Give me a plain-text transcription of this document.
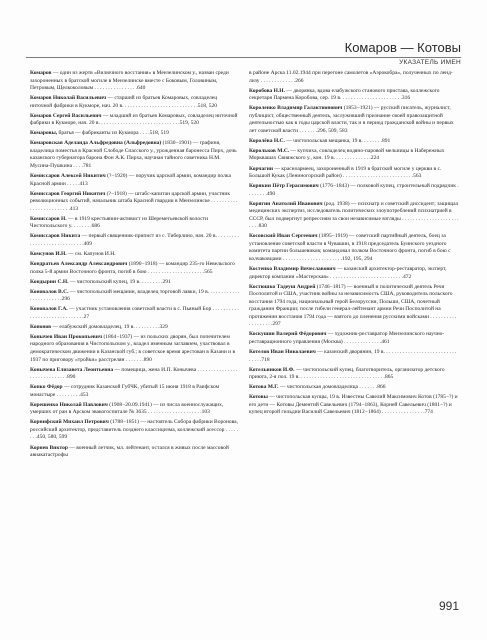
Комаров — Котовы
УКАЗАТЕЛЬ ИМЕН
Комаров — один из жертв «Вилючного восстания» в Мензелинском у., назван среди захороненных в братской могиле в Мензелинске вместе с Боковым, Головиным, Петровым, Щелкоколовым . . . . . . . . . . . . . . . .640
Комаров Николай Васильевич — старший из братьев Комаровых, совладелец ниточной фабрики в Кукморе, нач. 20 в. . . . . . . . . . . . . . . . . . . . . . . . . . . .518, 520
Комаров Сергей Васильевич — младший из братьев Комаровых, совладелец ниточной фабрики в Кукморе, нач. 20 в. . . . . . . . . . . . . . . . . . . . . . . . . . . . . .519, 520
Комаровы, братья — фабриканты из Кукмора . . . .518, 519
Комаровская Аделаида Альфредовна (Альфредовна) (1830−1901) — графиня, владелица поместья в Красной Слободе Спасского у., урожденная баронесса Пирх, дочь казанского губернатора барона Фон А.К. Пирха, научная тайного советника Н.М. Мусина-Пушкина . . . .781
Комиссаров Алексей Никитич (?−1920) — поручик царской армии, командир полка Красной армии . . . . .413
Комиссаров Георгий Никитич (?−1918) — штабс-капитан царской армии, участник революционных событий, начальник штаба Красной гвардии в Мензелинске . . . . . . . . . . . . . . . . . . . . . . . . .413
Комиссаров Н. — в 1919 крестьянин-активист из Шереметьевской волости Чистопольского у. . . . . . . .686
Комиссаров Никита — первый священник-припист из с. Тиберлино, нач. 20 в. . . . . . . . . . . . . . . . . . . . . . . . . . . . .409
Комсунов И.Н. — см. Капунов И.Н.
Кондратьев Александр Александрович (1890−1918) — командир 235-го Невельского полка 5-й армии Восточного фронта, погиб в бою . . . . . . . . . . . . . . . . . . . . .565
Кондырин С.Н. — чистопольский купец, 19 в. . . . . . . . .291
Коновалов В.С. — чистопольский мещанин, владелец торговой лавки, 19 в. . . . . . . . . . . . . . . . . . . . . . . .296
Коновалов Г.А. — участник установления советской власти в с. Пьяный Бор . . . . . . . . . . . . . . . . . . . . . . . . . . . . . .27
Кононов — елабужский домовладелец, 19 в. . . . . . . . . .329
Конычев Иван Прокопьевич (1864−1937) — из польских дворян, был попечителем народного образования в Чистопольском у., владел именным заглавием, участвовал в демократическом движении в Казанской губ.; в советское время арестован в Казани и в 1937 по приговору «тройки» расстрелян . . . . . . .890
Конычева Елизавета Леонтьевна — помещица, жена И.П. Конычева . . . . . . . . . . . . . . . . . . . . . . . . . . . . .890
Копко Фёдор — сотрудник Казанской ГубЧК, убитый 15 июня 1918 в Раифском монастыре . . . . . . . . .453
Корешенко Николай Павлович (1908−20.09.1941) — из числа военнослужащих, умерших от ран в Арском эвакогоспитале № 3635 . . . . . . . . . . . . . . . . . . . .103
Корнифский Михаил Петрович (1788−1851) — настоятель Собора фабрики Воронова, российский архитектор, представитель позднего классицизма, коллежский асессор . . . . . . . .450, 580, 599
Корнев Виктор — военный летчик, мл. лейтенант, остался в живых после массовой авиакатастрофы
в районе Арска 11.02.1944 при перегоне самолетов «Аэрокобра», полученных по ленд-лизу . . . . . . . . . . . . .266
Коробова Н.Н. — дворянка, вдова елабужского станового пристава, коллежского секретаря Пармена Коробова, сер. 19 в. . . . . . . . . . . . . . . . . . . . . . .316
Короленко Владимир Галактионович (1853−1921) — русский писатель, журналист, публицист, общественный деятель, заслуживший признание своей правозащитной деятельностью как в годы царской власти, так и в период гражданской войны и первых лет советской власти . . . . . . .296, 509, 583
Королёва Н.С. — чистопольская мещанка, 19 в. . . . . . . .891
Корольков М.С. — купчиха, совладелец водяно-паровой мельницы в Набережных Морквашах Свияжского у., кон. 19 в. . . . . . . . . . . . . .224
Корчагин — красноармеец, захороненный в 1919 в братской могиле у церкви в с. Большой Кукак (Лениногорский район) . . . . . . . . . . . . . . . . . . . . . . . . . .563
Корякин Пётр Герасимович (1776−1843) — полковой купец, строительный подрядчик . . . . . . . .490
Корягин Анатолий Иванович (род. 1938) — психиатр и советский диссидент; защищал медицинских экспертиз, исследователь политических злоупотреблений психиатрией в СССР, был подвергнут репрессиям за свои независимые взгляды . . . . . . . . . . . . . . . . . . . . . . . . .830
Косовский Иван Сергеевич (1895−1919) — советский партийный деятель, боец за установление советской власти в Чувашии, в 1918 председатель Буинского уездного комитета партии большевиков; командовал полком Восточного фронта, погиб в бою с колчаковцами . . . . . . . . . . . . . . . . . . . . . .192, 195, 294
Костенко Владимир Вячеславович — казанский архитектор-реставратор, эксперт, директор компании «Мастерская» . . . . . . . . . . . . . . . . . . . . . . . . . . .472
Костюшко Тадеуш Андрей (1746−1817) — военный и политический деятель Речи Посполитой и США, участник войны за независимость США, руководитель польского восстания 1794 года, национальный герой Белоруссии, Польши, США, почетный гражданин Франции; после гибели генерал-лейтенант армии Речи Посполитой на протяжении восстания 1794 года — взятого до пленения русскими войсками . . . . . . . . . . . . . . . . . . .297
Коскушин Валерий Фёдорович — художник-реставратор Мензелинского научно-реставрационного управления (Москва) . . . . . . . . . . . . . .461
Котелов Иван Николаевич — казанский дворянин, 19 в. . . . . . . . . . . . . . . . . . . . . . . . . . . . . . . .718
Котельников И.Ф. — чистопольский купец, благотворитель, организатор детского приюта, 2-я пол. 19 в. . . . . . . . . . . . . . . . . . . . . . . . . . . . . . . .865
Котова М.Г. — чистопольская домовладелица . . . . . . .866
Котовы — чистопольская купцы, 19 в. Известны Савелий Максимович Котов (1785−?) и его дети — Котовы Дементий Савельевич (1794−1863), Корней Савельевич (1801−?) и купец второй гильдии Василий Савельевич (1812−1864) . . . . . . . . . . . . . . . .774
991
